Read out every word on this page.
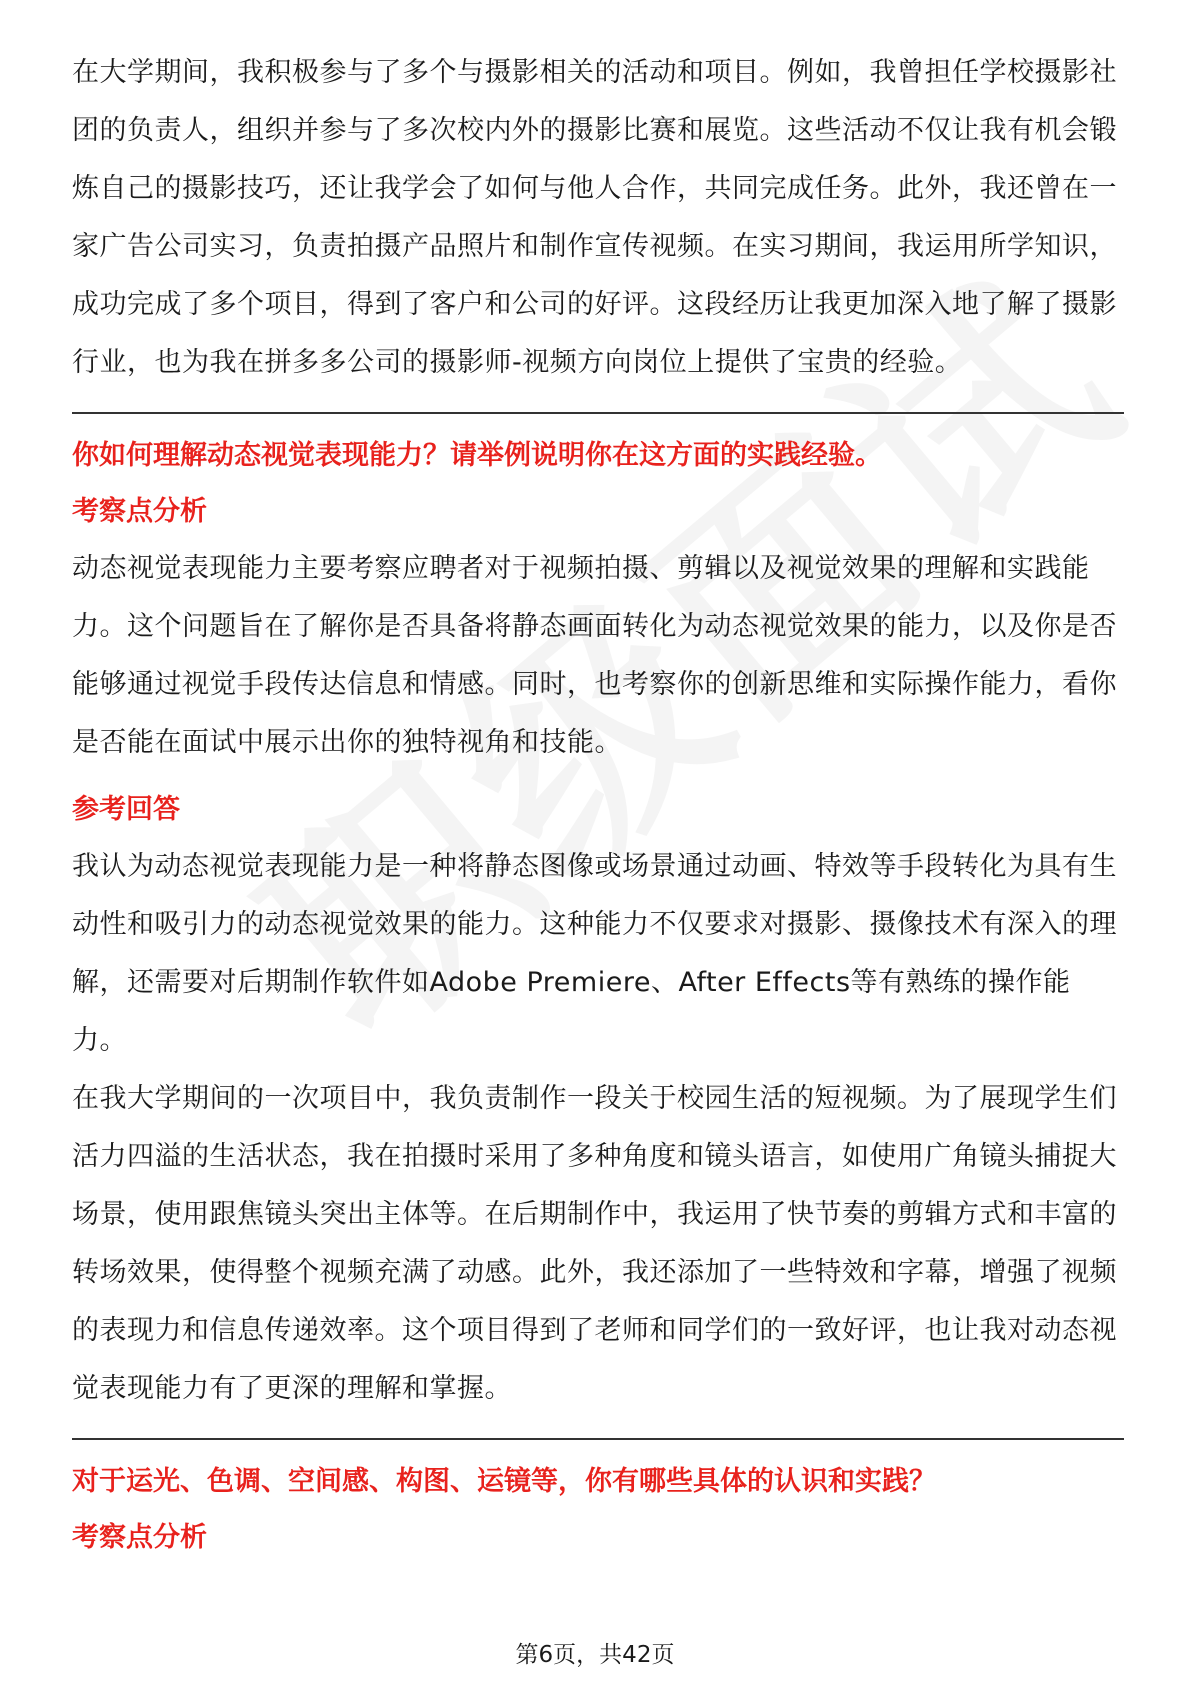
在大学期间，我积极参与了多个与摄影相关的活动和项目。例如，我曾担任学校摄影社团的负责人，组织并参与了多次校内外的摄影比赛和展览。这些活动不仅让我有机会锻炼自己的摄影技巧，还让我学会了如何与他人合作，共同完成任务。此外，我还曾在一家广告公司实习，负责拍摄产品照片和制作宣传视频。在实习期间，我运用所学知识，成功完成了多个项目，得到了客户和公司的好评。这段经历让我更加深入地了解了摄影行业，也为我在拼多多公司的摄影师-视频方向岗位上提供了宝贵的经验。

你如何理解动态视觉表现能力？请举例说明你在这方面的实践经验。

考察点分析

动态视觉表现能力主要考察应聘者对于视频拍摄、剪辑以及视觉效果的理解和实践能力。这个问题旨在了解你是否具备将静态画面转化为动态视觉效果的能力，以及你是否能够通过视觉手段传达信息和情感。同时，也考察你的创新思维和实际操作能力，看你是否能在面试中展示出你的独特视角和技能。

参考回答

我认为动态视觉表现能力是一种将静态图像或场景通过动画、特效等手段转化为具有生动性和吸引力的动态视觉效果的能力。这种能力不仅要求对摄影、摄像技术有深入的理解，还需要对后期制作软件如Adobe Premiere、After Effects等有熟练的操作能力。

在我大学期间的一次项目中，我负责制作一段关于校园生活的短视频。为了展现学生们活力四溢的生活状态，我在拍摄时采用了多种角度和镜头语言，如使用广角镜头捕捉大场景，使用跟焦镜头突出主体等。在后期制作中，我运用了快节奏的剪辑方式和丰富的转场效果，使得整个视频充满了动感。此外，我还添加了一些特效和字幕，增强了视频的表现力和信息传递效率。这个项目得到了老师和同学们的一致好评，也让我对动态视觉表现能力有了更深的理解和掌握。

对于运光、色调、空间感、构图、运镜等，你有哪些具体的认识和实践？

考察点分析

第6页，共42页
